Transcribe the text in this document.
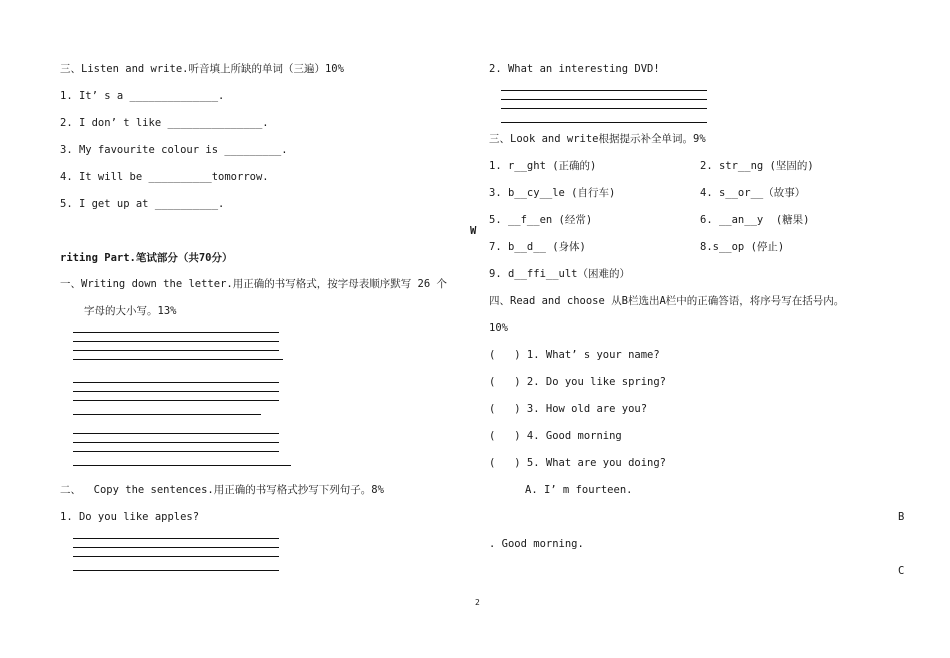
三、Listen and write.听音填上所缺的单词（三遍）10%
1. It’ s a ______________.
2. I don’ t like _______________.
3. My favourite colour is _________.
4. It will be __________tomorrow.
5. I get up at __________.
W
riting Part.笔试部分（共70分）
一、Writing down the letter.用正确的书写格式，按字母表顺序默写 26 个
字母的大小写。13%
二、  Copy the sentences.用正确的书写格式抄写下列句子。8%
1. Do you like apples?
2. What an interesting DVD!
三、Look and write根据提示补全单词。9%
1. r__ght (正确的)	2. str__ng (坚固的)
3. b__cy__le (自行车)	4. s__or__（故事）
5. __f__en (经常)	6. __an__y  (糖果)
7. b__d__ (身体)	8.s__op (停止)
9. d__ffi__ult（困难的）
四、Read and choose 从B栏选出A栏中的正确答语，将序号写在括号内。
10%
(   ) 1. What’ s your name?
(   ) 2. Do you like spring?
(   ) 3. How old are you?
(   ) 4. Good morning
(   ) 5. What are you doing?
A. I’ m fourteen.
B
. Good morning.
C
2
